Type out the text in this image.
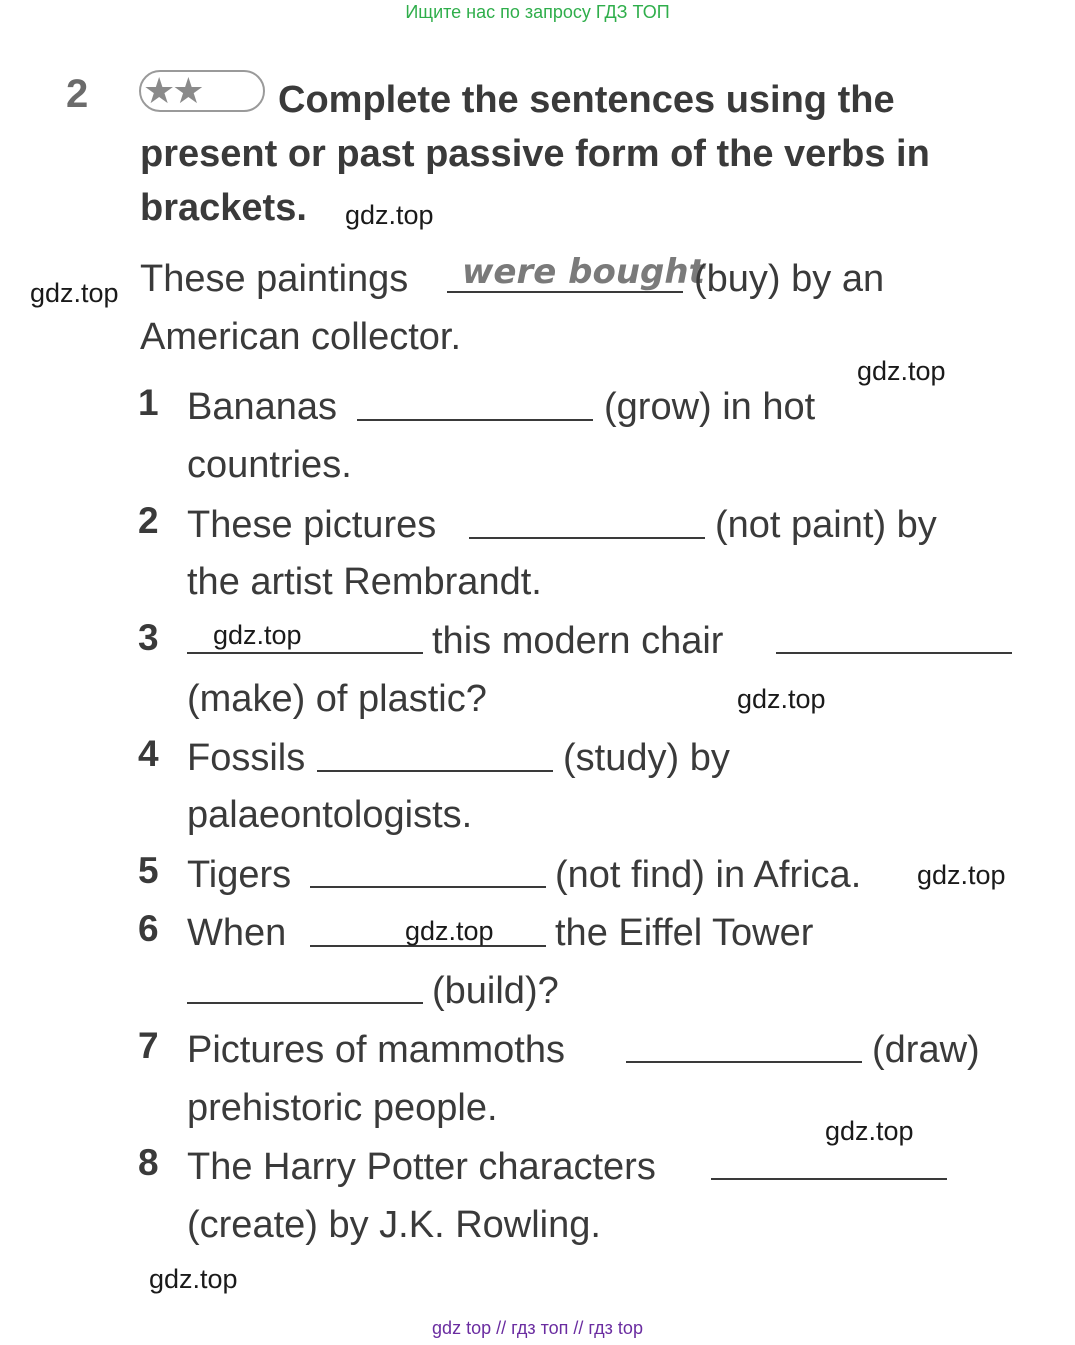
Ищите нас по запросу ГДЗ ТОП
2 ★★	Complete the sentences using the
present or past passive form of the verbs in
brackets.
These paintings were bought
(buy) by an
American collector.
1 Bananas	(grow) in hot
countries.
2 These pictures	(not paint) by
the artist Rembrandt.
3	this modern chair
(make) of plastic?
4 Fossils	(study) by
palaeontologists.
5 Tigers	(not find) in Africa.
6 When	the Eiffel Tower
(build)?
7 Pictures of mammoths	(draw)
prehistoric people.
8 The Harry Potter characters
(create) by J.K. Rowling.
gdz.top
gdz.top
gdz.top
gdz.top
gdz.top
gdz.top
gdz.top
gdz.top
gdz.top
gdz top // гдз топ // гдз top
